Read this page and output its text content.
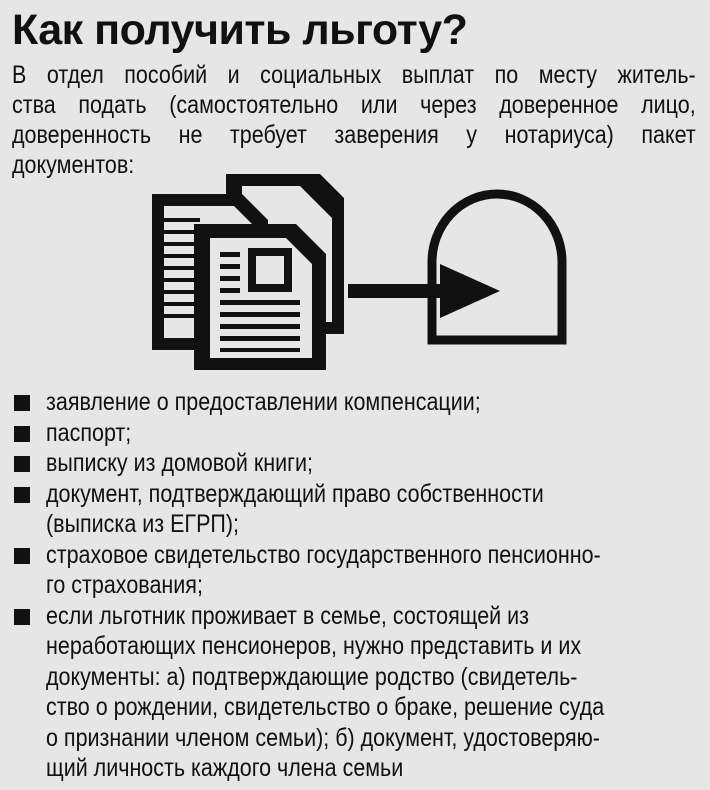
Как получить льготу?

В отдел пособий и социальных выплат по месту житель-
ства подать (самостоятельно или через доверенное лицо,
доверенность не требует заверения у нотариуса) пакет
документов:

заявление о предоставлении компенсации;
паспорт;
выписку из домовой книги;
документ, подтверждающий право собственности
(выписка из ЕГРП);
страховое свидетельство государственного пенсионно-
го страхования;
если льготник проживает в семье, состоящей из
неработающих пенсионеров, нужно представить и их
документы: а) подтверждающие родство (свидетель-
ство о рождении, свидетельство о браке, решение суда
о признании членом семьи); б) документ, удостоверяю-
щий личность каждого члена семьи
